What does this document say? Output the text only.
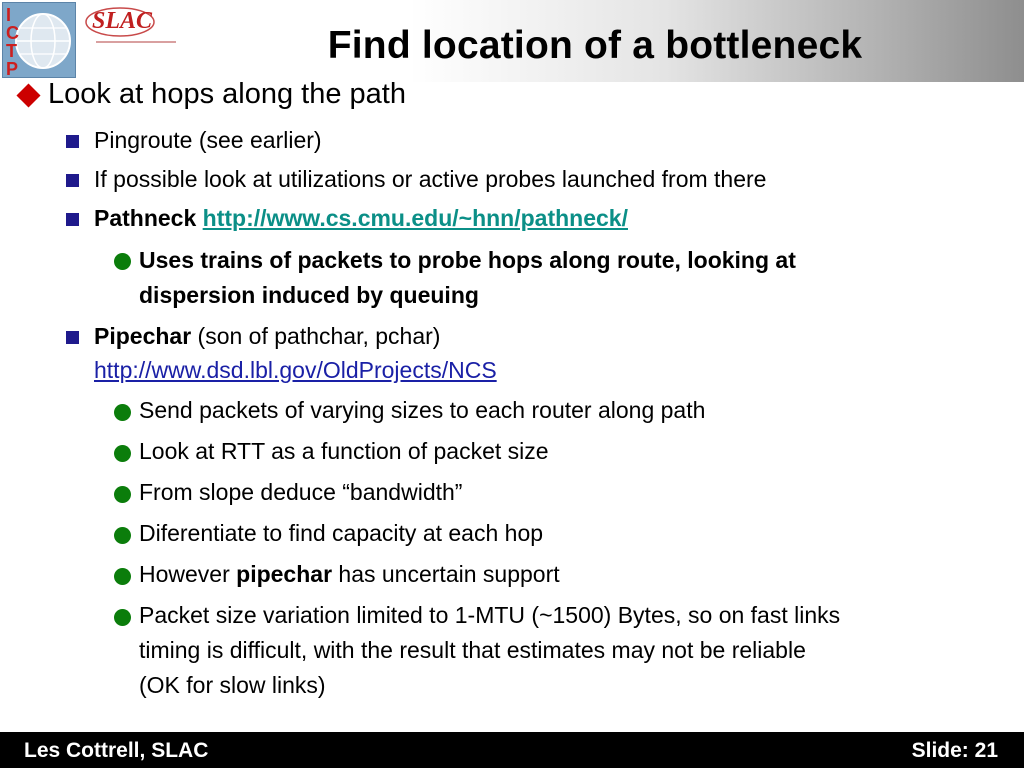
I
C
T
P
SLAC
Find location of a bottleneck
Look at hops along the path
Pingroute (see earlier)
If possible look at utilizations or active probes launched from there
Pathneck http://www.cs.cmu.edu/~hnn/pathneck/
Uses trains of packets to probe hops along route, looking at
dispersion induced by queuing
Pipechar (son of pathchar, pchar)
http://www.dsd.lbl.gov/OldProjects/NCS
Send packets of varying sizes to each router along path
Look at RTT as a function of packet size
From slope deduce “bandwidth”
Diferentiate to find capacity at each hop
However pipechar has uncertain support
Packet size variation limited to 1-MTU (~1500) Bytes, so on fast links
timing is difficult, with the result that estimates may not be reliable
(OK for slow links)
Les Cottrell, SLAC	Slide: 21
